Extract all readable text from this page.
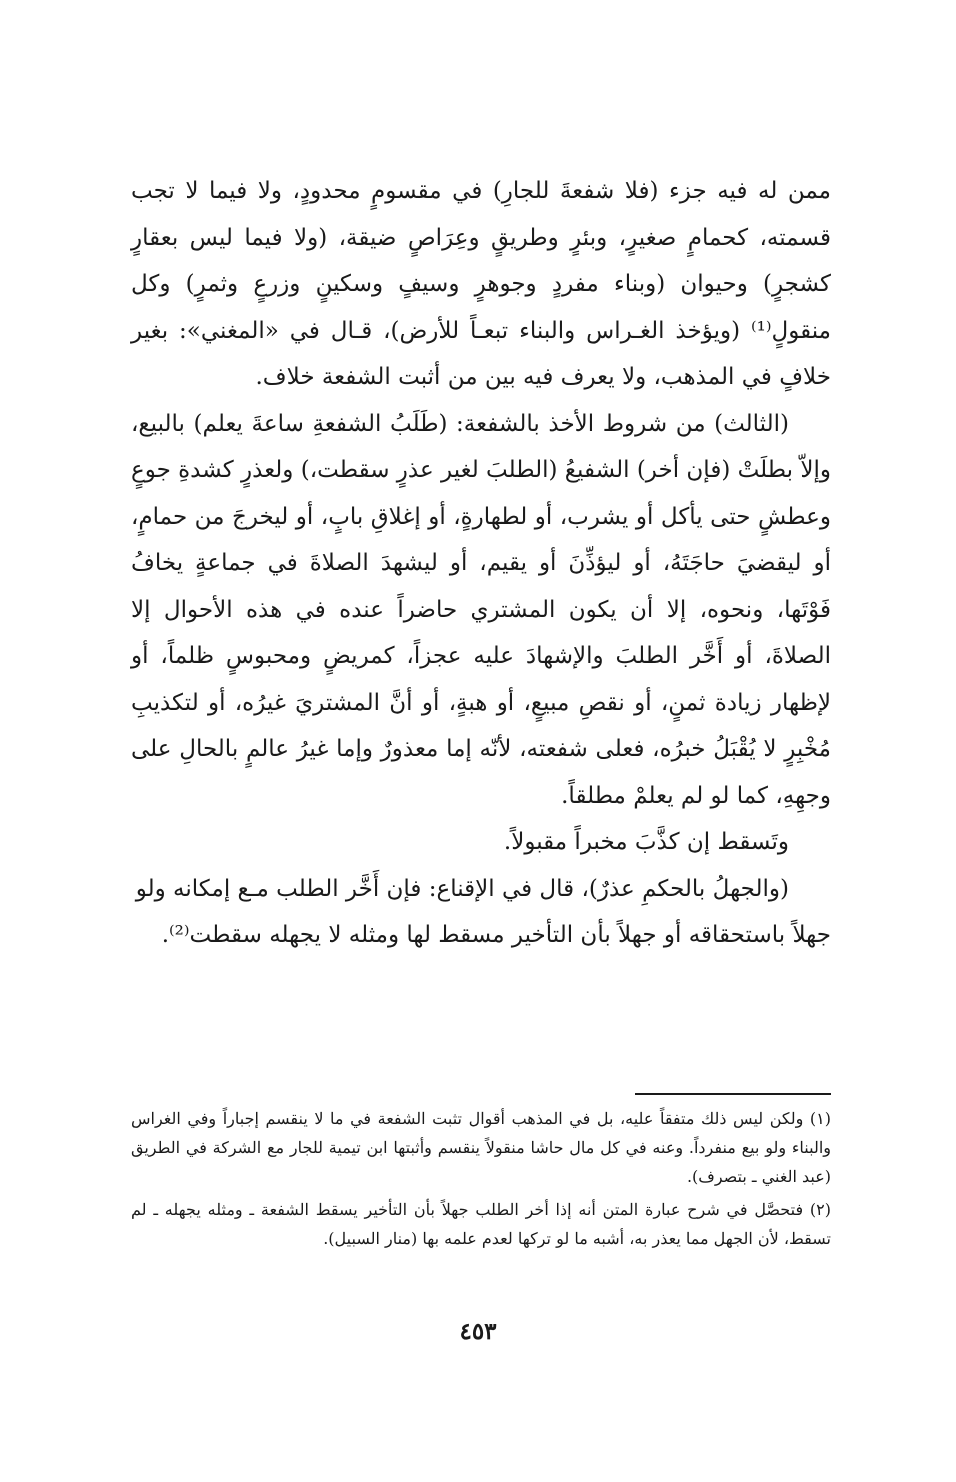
ممن له فيه جزء (فلا شفعةَ للجارِ) في مقسومٍ محدودٍ، ولا فيما لا تجب قسمته، كحمامٍ صغيرٍ، وبئرٍ وطريقٍ وعِرَاصٍ ضيقة، (ولا فيما ليس بعقارٍ كشجرٍ) وحيوان (وبناء مفردٍ وجوهرٍ وسيفٍ وسكينٍ وزرعٍ وثمرٍ) وكل منقولٍ⁽¹⁾ (ويؤخذ الغـراس والبناء تبعـاً للأرض)، قـال في «المغني»: بغير خلافٍ في المذهب، ولا يعرف فيه بين من أثبت الشفعة خلاف.

(الثالث) من شروط الأخذ بالشفعة: (طَلَبُ الشفعةِ ساعةَ يعلم) بالبيع، وإلاّ بطلَتْ (فإن أخر) الشفيعُ (الطلبَ لغير عذرٍ سقطت،) ولعذرٍ كشدةِ جوعٍ وعطشٍ حتى يأكل أو يشرب، أو لطهارةٍ، أو إغلاقِ بابٍ، أو ليخرجَ من حمامٍ، أو ليقضيَ حاجَتَهُ، أو ليؤذِّنَ أو يقيم، أو ليشهدَ الصلاةَ في جماعةٍ يخافُ فَوْتَها، ونحوه، إلا أن يكون المشتري حاضراً عنده في هذه الأحوال إلا الصلاةَ، أو أَخَّر الطلبَ والإشهادَ عليه عجزاً، كمريضٍ ومحبوسٍ ظلماً، أو لإظهار زيادة ثمنٍ، أو نقصِ مبيعٍ، أو هبةٍ، أو أنَّ المشتريَ غيرُه، أو لتكذيبِ مُخْبِرٍ لا يُقْبَلُ خبرُه، فعلى شفعته، لأنّه إما معذورٌ وإما غيرُ عالمٍ بالحالِ على وجهِهِ، كما لو لم يعلمْ مطلقاً.

وتَسقط إن كذَّبَ مخبراً مقبولاً.

(والجهلُ بالحكمِ عذرٌ)، قال في الإقناع: فإن أَخَّر الطلب مـع إمكانه ولو جهلاً باستحقاقه أو جهلاً بأن التأخير مسقط لها ومثله لا يجهله سقطت⁽²⁾.

(١) ولكن ليس ذلك متفقاً عليه، بل في المذهب أقوال تثبت الشفعة في ما لا ينقسم إجباراً وفي الغراس والبناء ولو بيع منفرداً. وعنه في كل مال حاشا منقولاً ينقسم وأثبتها ابن تيمية للجار مع الشركة في الطريق (عبد الغني ـ بتصرف).

(٢) فتحصَّل في شرح عبارة المتن أنه إذا أخر الطلب جهلاً بأن التأخير يسقط الشفعة ـ ومثله يجهله ـ لم تسقط، لأن الجهل مما يعذر به، أشبه ما لو تركها لعدم علمه بها (منار السبيل).

٤٥٣
